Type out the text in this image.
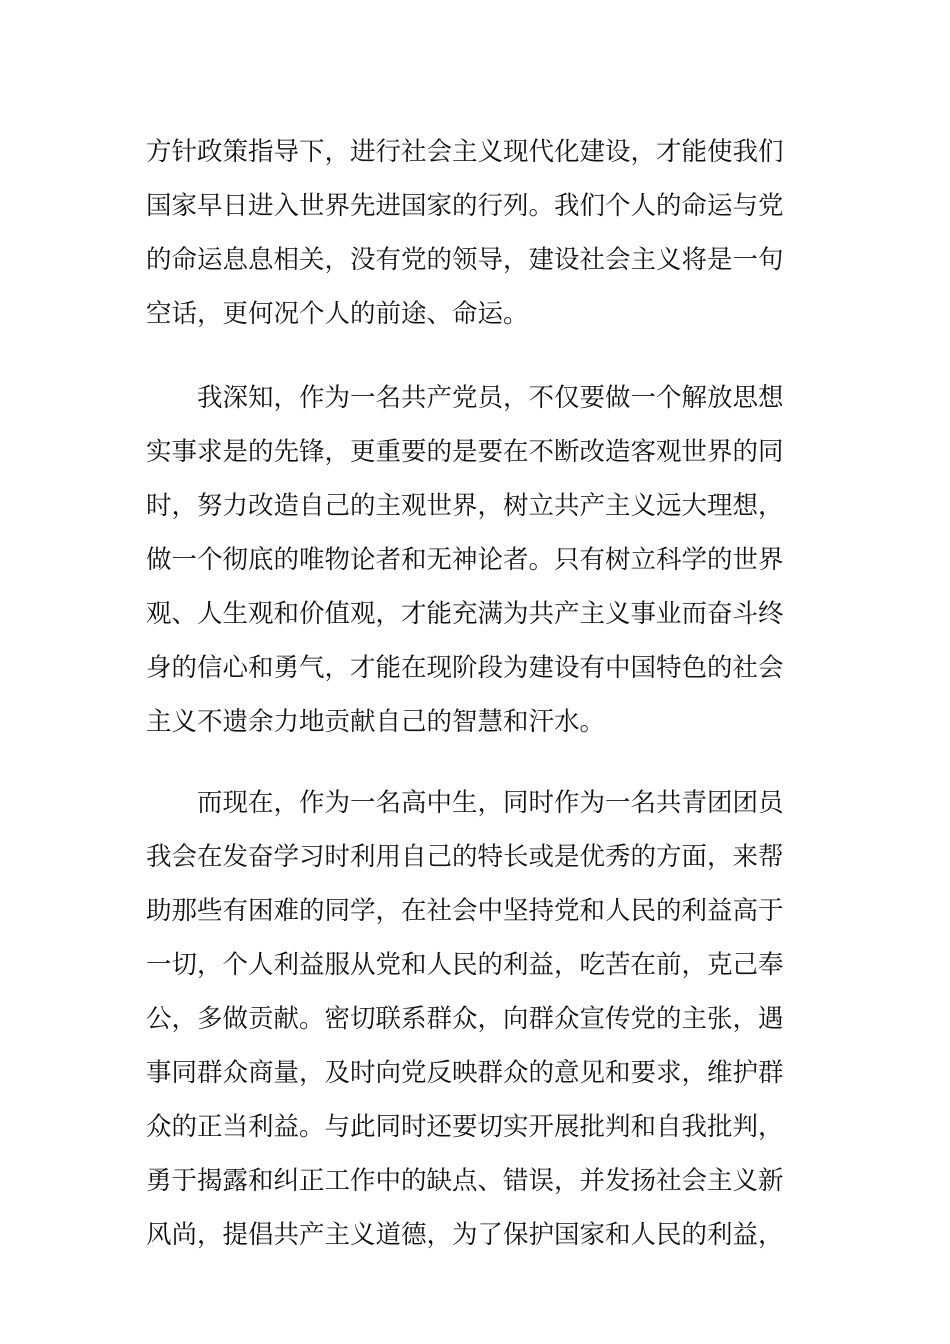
方针政策指导下，进行社会主义现代化建设，才能使我们
国家早日进入世界先进国家的行列。我们个人的命运与党
的命运息息相关，没有党的领导，建设社会主义将是一句
空话，更何况个人的前途、命运。
　　我深知，作为一名共产党员，不仅要做一个解放思想
实事求是的先锋，更重要的是要在不断改造客观世界的同
时，努力改造自己的主观世界，树立共产主义远大理想，
做一个彻底的唯物论者和无神论者。只有树立科学的世界
观、人生观和价值观，才能充满为共产主义事业而奋斗终
身的信心和勇气，才能在现阶段为建设有中国特色的社会
主义不遗余力地贡献自己的智慧和汗水。
　　而现在，作为一名高中生，同时作为一名共青团团员
我会在发奋学习时利用自己的特长或是优秀的方面，来帮
助那些有困难的同学，在社会中坚持党和人民的利益高于
一切，个人利益服从党和人民的利益，吃苦在前，克己奉
公，多做贡献。密切联系群众，向群众宣传党的主张，遇
事同群众商量，及时向党反映群众的意见和要求，维护群
众的正当利益。与此同时还要切实开展批判和自我批判，
勇于揭露和纠正工作中的缺点、错误，并发扬社会主义新
风尚，提倡共产主义道德，为了保护国家和人民的利益，
